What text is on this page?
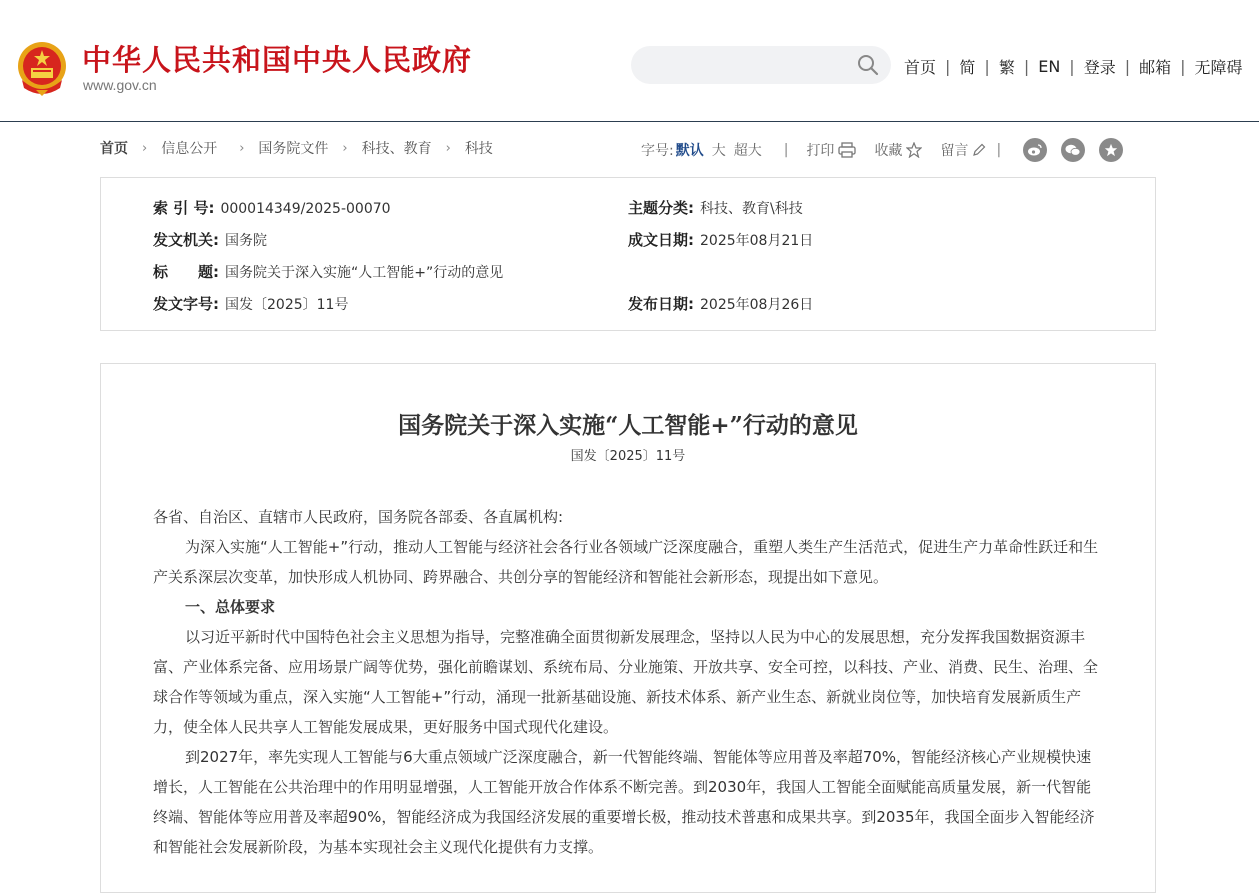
中华人民共和国中央人民政府
www.gov.cn
首页 | 简 | 繁 | EN | 登录 | 邮箱 | 无障碍
首页 › 信息公开 › 国务院文件 › 科技、教育 › 科技	字号: 默认 大 超大 | 打印	收藏	留言 |
索 引 号: 000014349/2025-00070	主题分类: 科技、教育\科技
发文机关: 国务院	成文日期: 2025年08月21日
标　　题: 国务院关于深入实施“人工智能+”行动的意见
发文字号: 国发〔2025〕11号	发布日期: 2025年08月26日
国务院关于深入实施“人工智能+”行动的意见
国发〔2025〕11号

各省、自治区、直辖市人民政府，国务院各部委、各直属机构:

为深入实施“人工智能+”行动，推动人工智能与经济社会各行业各领域广泛深度融合，重塑人类生产生活范式，促进生产力革命性跃迁和生产关系深层次变革，加快形成人机协同、跨界融合、共创分享的智能经济和智能社会新形态，现提出如下意见。

一、总体要求

以习近平新时代中国特色社会主义思想为指导，完整准确全面贯彻新发展理念，坚持以人民为中心的发展思想，充分发挥我国数据资源丰富、产业体系完备、应用场景广阔等优势，强化前瞻谋划、系统布局、分业施策、开放共享、安全可控，以科技、产业、消费、民生、治理、全球合作等领域为重点，深入实施“人工智能+”行动，涌现一批新基础设施、新技术体系、新产业生态、新就业岗位等，加快培育发展新质生产力，使全体人民共享人工智能发展成果，更好服务中国式现代化建设。

到2027年，率先实现人工智能与6大重点领域广泛深度融合，新一代智能终端、智能体等应用普及率超70%，智能经济核心产业规模快速增长，人工智能在公共治理中的作用明显增强，人工智能开放合作体系不断完善。到2030年，我国人工智能全面赋能高质量发展，新一代智能终端、智能体等应用普及率超90%，智能经济成为我国经济发展的重要增长极，推动技术普惠和成果共享。到2035年，我国全面步入智能经济和智能社会发展新阶段，为基本实现社会主义现代化提供有力支撑。
